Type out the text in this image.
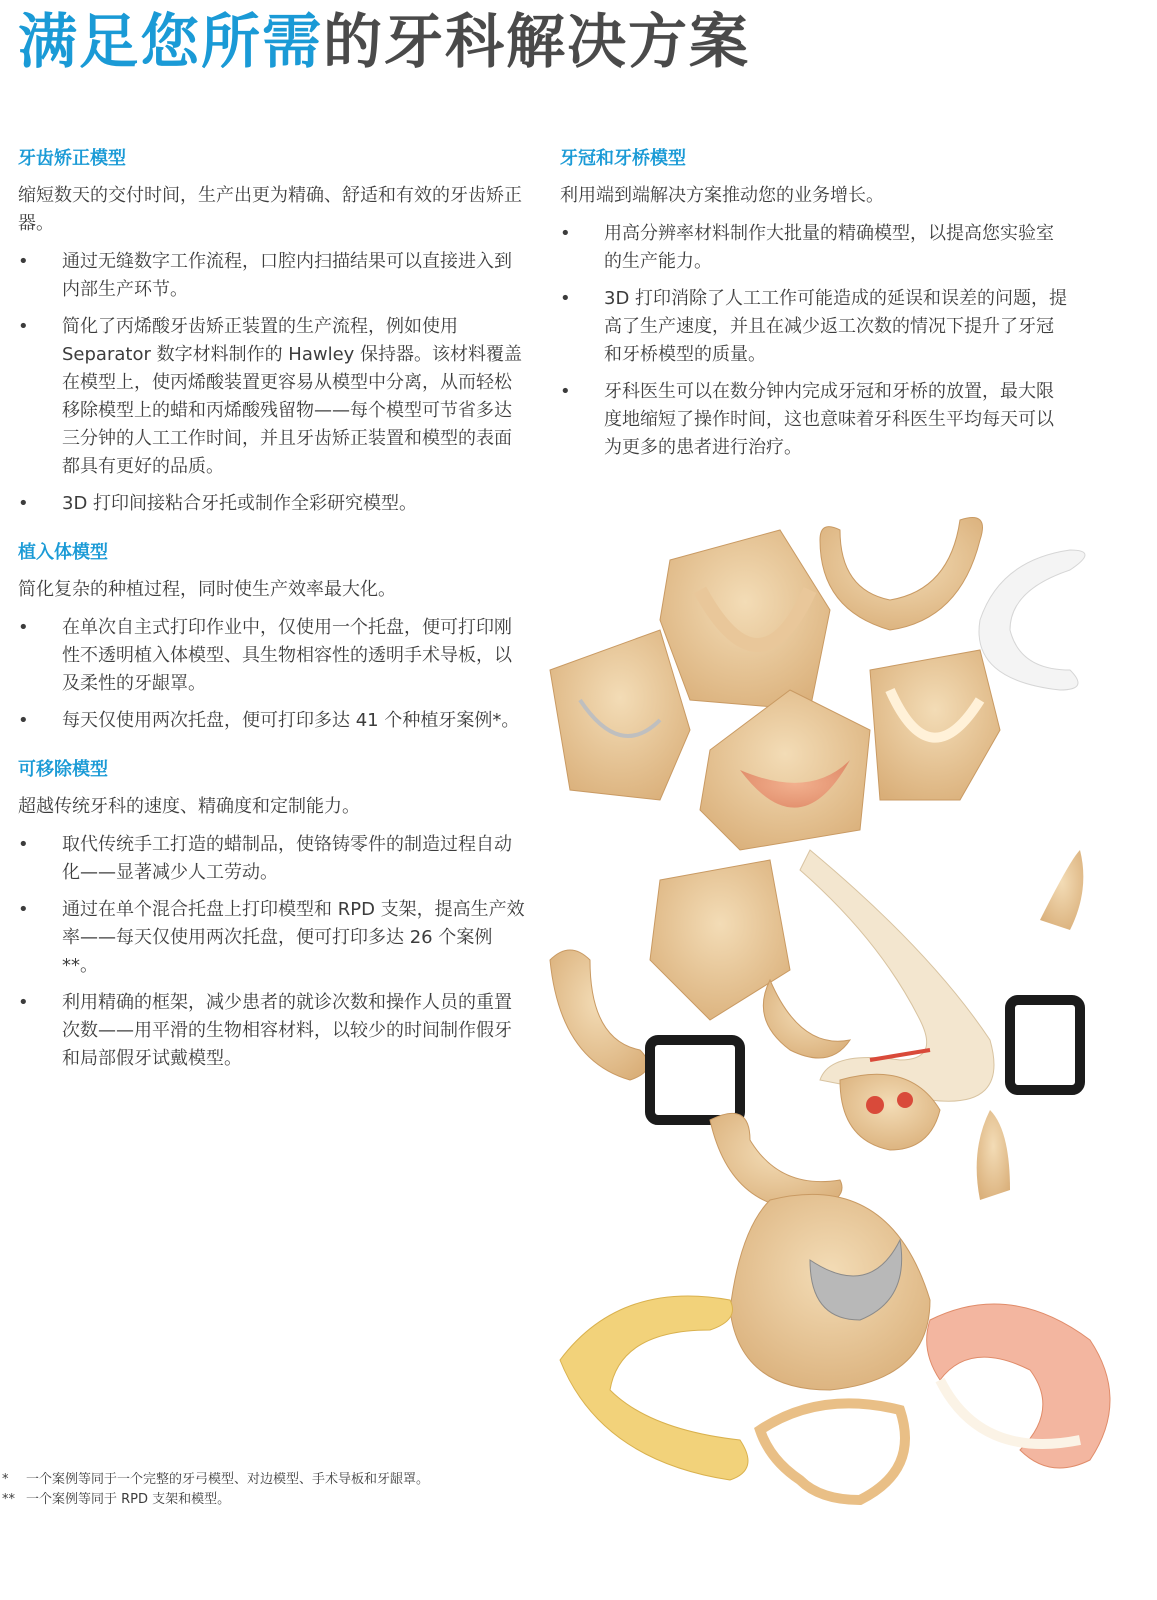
满足您所需的牙科解决方案
牙齿矫正模型
缩短数天的交付时间，生产出更为精确、舒适和有效的牙齿矫正器。
•	通过无缝数字工作流程，口腔内扫描结果可以直接进入到内部生产环节。
•	简化了丙烯酸牙齿矫正装置的生产流程，例如使用 Separator 数字材料制作的 Hawley 保持器。该材料覆盖在模型上，使丙烯酸装置更容易从模型中分离，从而轻松移除模型上的蜡和丙烯酸残留物——每个模型可节省多达三分钟的人工工作时间，并且牙齿矫正装置和模型的表面都具有更好的品质。
•	3D 打印间接粘合牙托或制作全彩研究模型。
植入体模型
简化复杂的种植过程，同时使生产效率最大化。
•	在单次自主式打印作业中，仅使用一个托盘，便可打印刚性不透明植入体模型、具生物相容性的透明手术导板，以及柔性的牙龈罩。
•	每天仅使用两次托盘，便可打印多达 41 个种植牙案例*。
可移除模型
超越传统牙科的速度、精确度和定制能力。
•	取代传统手工打造的蜡制品，使铬铸零件的制造过程自动化——显著减少人工劳动。
•	通过在单个混合托盘上打印模型和 RPD 支架，提高生产效率——每天仅使用两次托盘，便可打印多达 26 个案例**。
•	利用精确的框架，减少患者的就诊次数和操作人员的重置次数——用平滑的生物相容材料，以较少的时间制作假牙和局部假牙试戴模型。
牙冠和牙桥模型
利用端到端解决方案推动您的业务增长。
•	用高分辨率材料制作大批量的精确模型，以提高您实验室的生产能力。
•	3D 打印消除了人工工作可能造成的延误和误差的问题，提高了生产速度，并且在减少返工次数的情况下提升了牙冠和牙桥模型的质量。
•	牙科医生可以在数分钟内完成牙冠和牙桥的放置，最大限度地缩短了操作时间，这也意味着牙科医生平均每天可以为更多的患者进行治疗。
* 一个案例等同于一个完整的牙弓模型、对边模型、手术导板和牙龈罩。
** 一个案例等同于 RPD 支架和模型。
